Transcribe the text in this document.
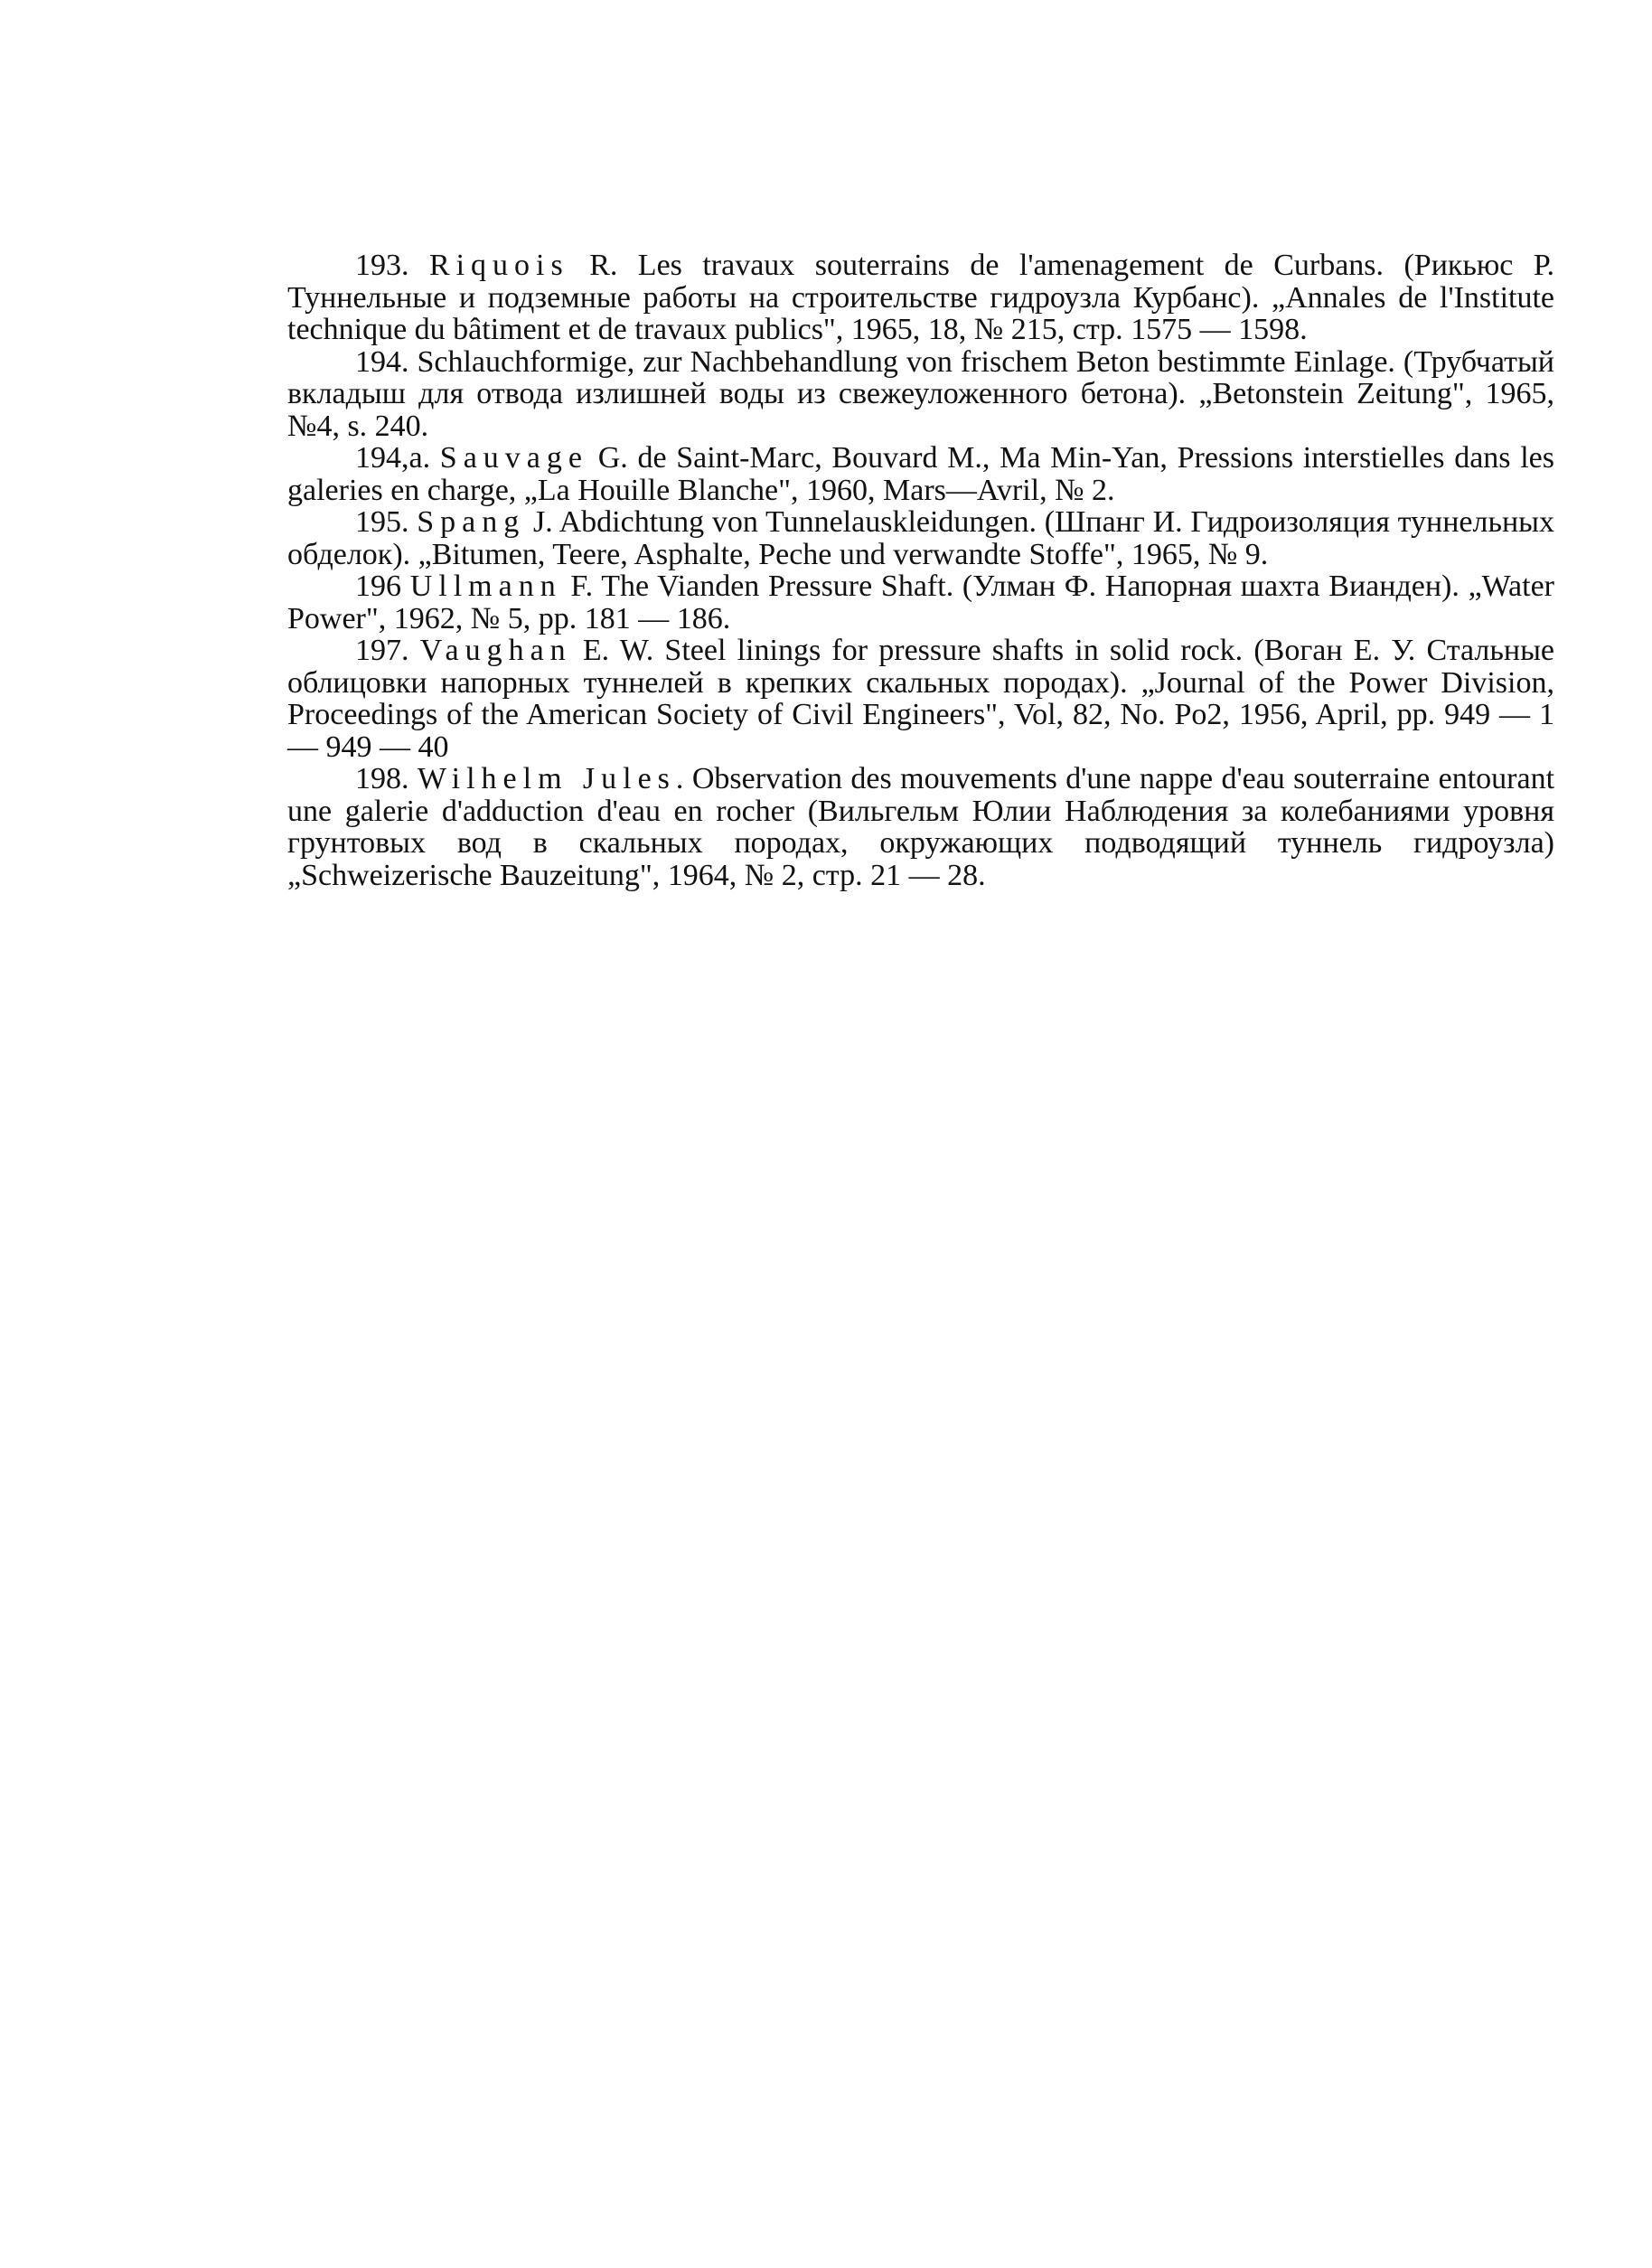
193. Riquois R. Les travaux souterrains de l'amenagement de Curbans. (Рикьюс Р. Туннельные и подземные работы на строительстве гидроузла Курбанс). „Annales de l'Institute technique du bâtiment et de travaux publics", 1965, 18, № 215, стр. 1575 — 1598.

194. Schlauchformige, zur Nachbehandlung von frischem Beton bestimmte Einlage. (Трубчатый вкладыш для отвода излишней воды из свежеуложенного бетона). „Betonstein Zeitung", 1965, №4, s. 240.

194,a. Sauvage G. de Saint-Marc, Bouvard M., Ma Min-Yan, Pressions interstielles dans les galeries en charge, „La Houille Blanche", 1960, Mars—Avril, № 2.

195. Spang J. Abdichtung von Tunnelauskleidungen. (Шпанг И. Гидроизоляция туннельных обделок). „Bitumen, Teere, Asphalte, Peche und verwandte Stoffe", 1965, № 9.

196 Ullmann F. The Vianden Pressure Shaft. (Улман Ф. Напорная шахта Вианден). „Water Power", 1962, № 5, pp. 181 — 186.

197. Vaughan E. W. Steel linings for pressure shafts in solid rock. (Воган Е. У. Стальные облицовки напорных туннелей в крепких скальных породах). „Journal of the Power Division, Proceedings of the American Society of Civil Engineers", Vol, 82, No. Po2, 1956, April, pp. 949 — 1 — 949 — 40

198. Wilhelm Jules. Observation des mouvements d'une nappe d'eau souterraine entourant une galerie d'adduction d'eau en rocher (Вильгельм Юлии Наблюдения за колебаниями уровня грунтовых вод в скальных породах, окружающих подводящий туннель гидроузла) „Schweizerische Bauzeitung", 1964, № 2, стр. 21 — 28.
